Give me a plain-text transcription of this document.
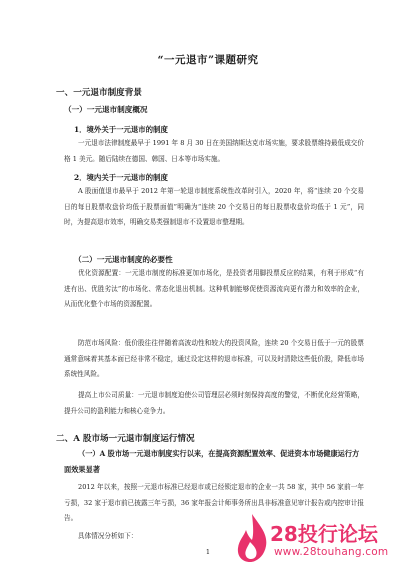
“一元退市”课题研究
一、一元退市制度背景
（一）一元退市制度概况
1．境外关于一元退市的制度

一元退市法律制度最早于 1991 年 8 月 30 日在美国纳斯达克市场实施，要求股票维持最低成交价格 1 美元。随后陆续在德国、韩国、日本等市场实施。

2．境内关于一元退市的制度

A 股面值退市最早于 2012 年第一轮退市制度系统性改革时引入，2020 年，将“连续 20 个交易日的每日股票收盘价均低于股票面值”明确为“连续 20 个交易日的每日股票收盘价均低于 1 元”，同时，为提高退市效率，明确交易类强制退市不设置退市整理期。

（二）一元退市制度的必要性

优化资源配置：一元退市制度的标准更加市场化，是投资者用脚投票反应的结果，有利于形成“有进有出、优胜劣汰”的市场化、常态化退出机制。这种机制能够促使资源流向更有潜力和效率的企业，从而优化整个市场的资源配置。

防范市场风险：低价股往往伴随着高波动性和较大的投资风险，连续 20 个交易日低于一元的股票通常意味着其基本面已经非常不稳定，通过设定这样的退市标准，可以及时清除这些低价股，降低市场系统性风险。

提高上市公司质量：一元退市制度迫使公司管理层必须时刻保持高度的警觉，不断优化经营策略，提升公司的盈利能力和核心竞争力。

二、A 股市场一元退市制度运行情况

（一）A 股市场一元退市制度实行以来，在提高资源配置效率、促进资本市场健康运行方面效果显著

2012 年以来，按照一元退市标准已经退市或已经锁定退市的企业一共 58 家，其中 56 家前一年亏损，32 家于退市前已披露三年亏损，36 家年报会计师事务所出具非标准意见审计报告或内控审计报告。

具体情况分析如下：

1
28投行论坛
www.28touhang.com
